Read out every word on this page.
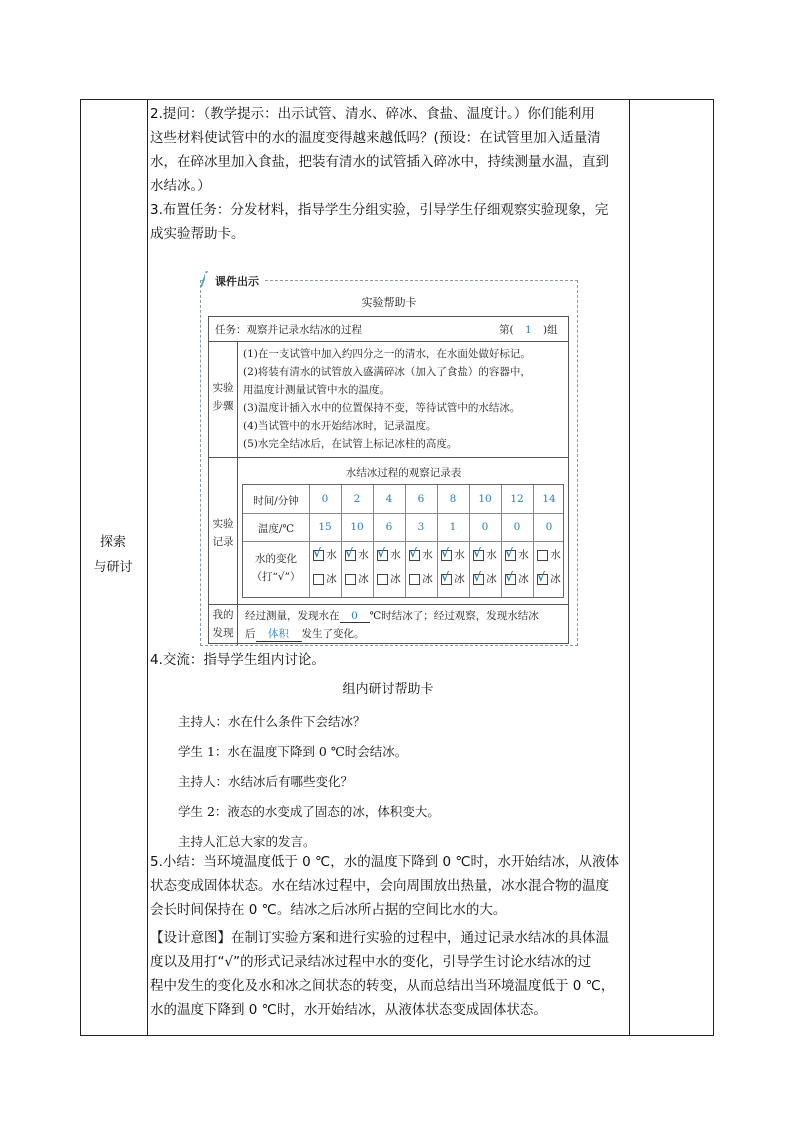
探索
与研讨
2.提问：（教学提示：出示试管、清水、碎冰、食盐、温度计。）你们能利用
这些材料使试管中的水的温度变得越来越低吗？(预设：在试管里加入适量清
水，在碎冰里加入食盐，把装有清水的试管插入碎冰中，持续测量水温，直到
水结冰。）
3.布置任务：分发材料，指导学生分组实验，引导学生仔细观察实验现象，完
成实验帮助卡。
4.交流：指导学生组内讨论。
组内研讨帮助卡
主持人：水在什么条件下会结冰？
学生 1：水在温度下降到 0 ℃时会结冰。
主持人：水结冰后有哪些变化？
学生 2：液态的水变成了固态的冰，体积变大。
主持人汇总大家的发言。
5.小结：当环境温度低于 0 ℃，水的温度下降到 0 ℃时，水开始结冰，从液体
状态变成固体状态。水在结冰过程中，会向周围放出热量，冰水混合物的温度
会长时间保持在 0 ℃。结冰之后冰所占据的空间比水的大。
【设计意图】在制订实验方案和进行实验的过程中，通过记录水结冰的具体温
度以及用打“√”的形式记录结冰过程中水的变化，引导学生讨论水结冰的过
程中发生的变化及水和冰之间状态的转变，从而总结出当环境温度低于 0 ℃，
水的温度下降到 0 ℃时，水开始结冰，从液体状态变成固体状态。
课件出示
实验帮助卡
任务：观察并记录水结冰的过程	第( 1 )组
实验
步骤
(1)在一支试管中加入约四分之一的清水，在水面处做好标记。
(2)将装有清水的试管放入盛满碎冰（加入了食盐）的容器中，
用温度计测量试管中水的温度。
(3)温度计插入水中的位置保持不变，等待试管中的水结冰。
(4)当试管中的水开始结冰时，记录温度。
(5)水完全结冰后，在试管上标记冰柱的高度。
实验
记录
水结冰过程的观察记录表
时间/分钟
温度/℃
水的变化
（打“√”）
0
15
√ 水
冰
2
10
√ 水
冰
4
6
√ 水
冰
6
3
√ 水
冰
8
1
√ 水
√ 冰
10
0
√ 水
√ 冰
12
0
√ 水
√ 冰
14
0
水
√ 冰
我的
发现
经过测量，发现水在 0 ℃时结冰了；经过观察，发现水结冰
后 体积 发生了变化。
